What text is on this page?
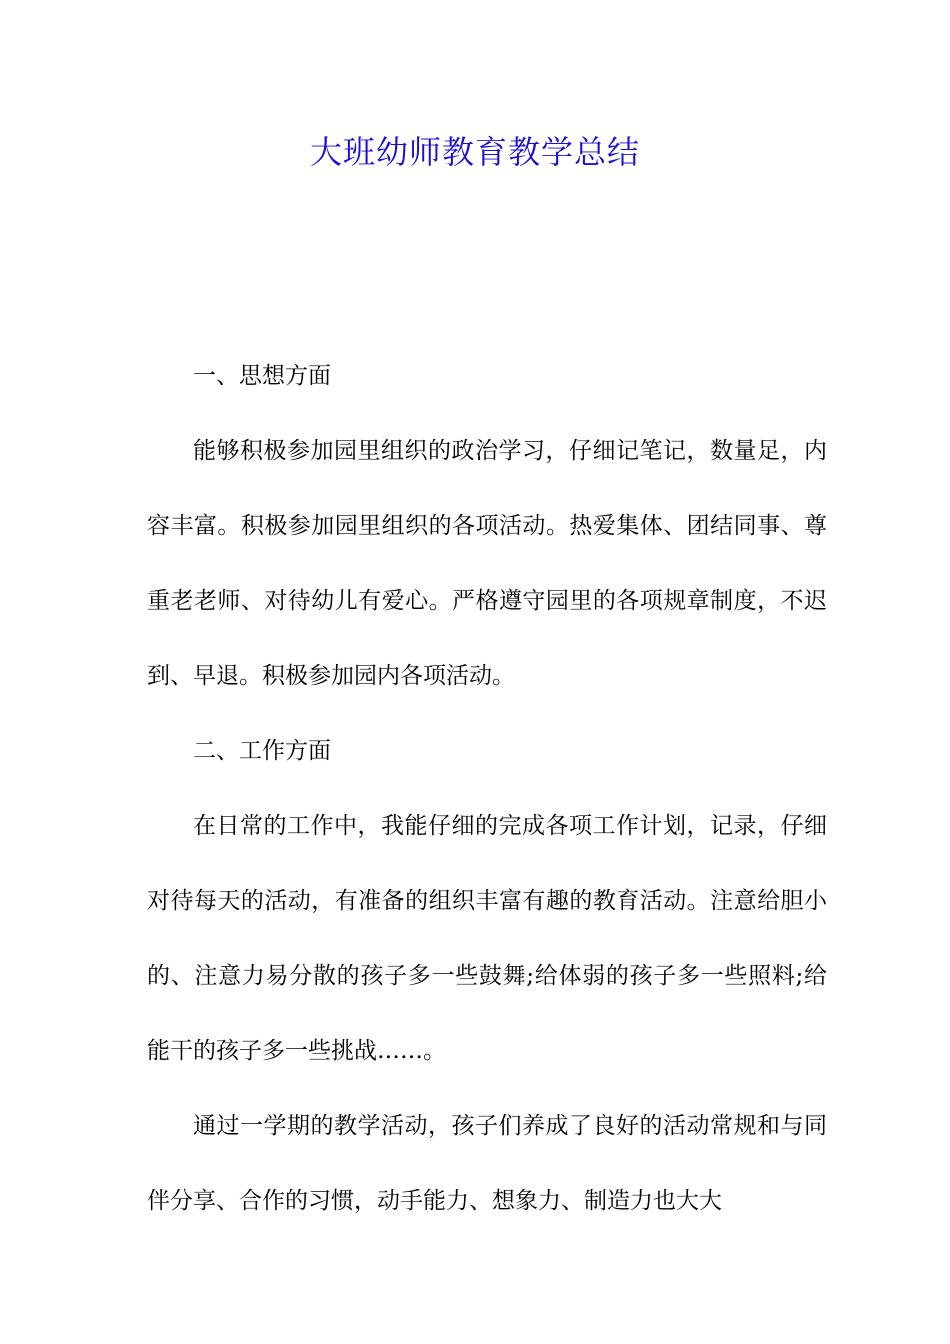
大班幼师教育教学总结

一、思想方面

能够积极参加园里组织的政治学习，仔细记笔记，数量足，内容丰富。积极参加园里组织的各项活动。热爱集体、团结同事、尊重老老师、对待幼儿有爱心。严格遵守园里的各项规章制度，不迟到、早退。积极参加园内各项活动。

二、工作方面

在日常的工作中，我能仔细的完成各项工作计划，记录，仔细对待每天的活动，有准备的组织丰富有趣的教育活动。注意给胆小的、注意力易分散的孩子多一些鼓舞;给体弱的孩子多一些照料;给能干的孩子多一些挑战……。

通过一学期的教学活动，孩子们养成了良好的活动常规和与同伴分享、合作的习惯，动手能力、想象力、制造力也大大
